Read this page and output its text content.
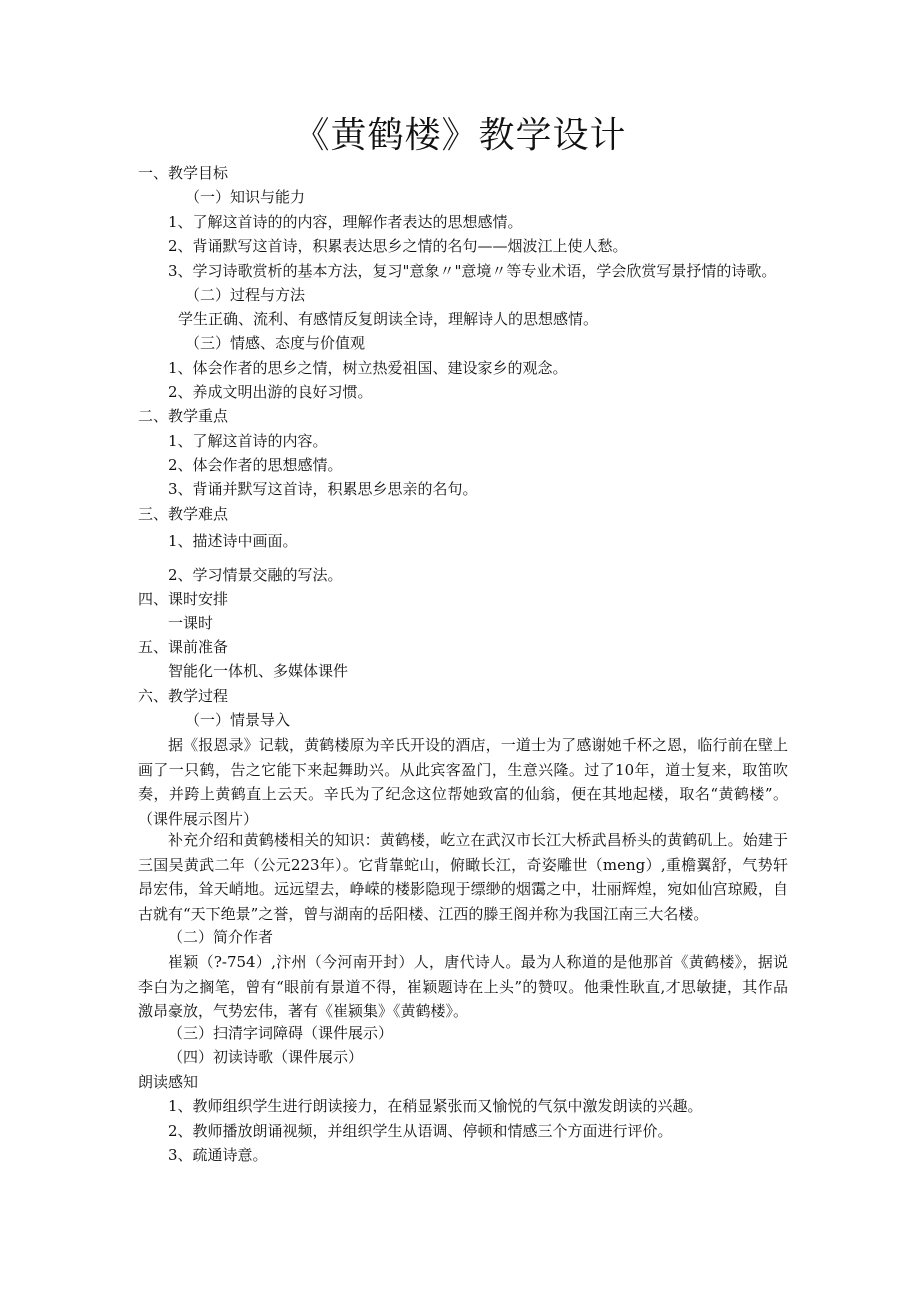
《黄鹤楼》教学设计
一、教学目标
（一）知识与能力
1、了解这首诗的的内容，理解作者表达的思想感情。
2、背诵默写这首诗，积累表达思乡之情的名句——烟波江上使人愁。
3、学习诗歌赏析的基本方法，复习"意象〃"意境〃等专业术语，学会欣赏写景抒情的诗歌。
（二）过程与方法
学生正确、流利、有感情反复朗读全诗，理解诗人的思想感情。
（三）情感、态度与价值观
1、体会作者的思乡之情，树立热爱祖国、建设家乡的观念。
2、养成文明出游的良好习惯。
二、教学重点
1、了解这首诗的内容。
2、体会作者的思想感情。
3、背诵并默写这首诗，积累思乡思亲的名句。
三、教学难点
1、描述诗中画面。
2、学习情景交融的写法。
四、课时安排
一课时
五、课前准备
智能化一体机、多媒体课件
六、教学过程
（一）情景导入

据《报恩录》记载，黄鹤楼原为辛氏开设的酒店，一道士为了感谢她千杯之恩，临行前在壁上画了一只鹤，告之它能下来起舞助兴。从此宾客盈门，生意兴隆。过了10年，道士复来，取笛吹奏，并跨上黄鹤直上云天。辛氏为了纪念这位帮她致富的仙翁，便在其地起楼，取名“黄鹤楼”。（课件展示图片）

补充介绍和黄鹤楼相关的知识：黄鹤楼，屹立在武汉市长江大桥武昌桥头的黄鹤矶上。始建于三国吴黄武二年（公元223年）。它背靠蛇山，俯瞰长江，奇姿雕世（meng）,重檐翼舒，气势轩昂宏伟，耸天峭地。远远望去，峥嵘的楼影隐现于缥缈的烟霭之中，壮丽辉煌，宛如仙宫琼殿，自古就有“天下绝景”之誉，曾与湖南的岳阳楼、江西的滕王阁并称为我国江南三大名楼。

（二）简介作者

崔颖（?-754）,汴州（今河南开封）人，唐代诗人。最为人称道的是他那首《黄鹤楼》，据说李白为之搁笔，曾有“眼前有景道不得，崔颖题诗在上头”的赞叹。他秉性耿直,才思敏捷，其作品激昂豪放，气势宏伟，著有《崔颍集》《黄鹤楼》。

（三）扫清字词障碍（课件展示）
（四）初读诗歌（课件展示）
朗读感知
1、教师组织学生进行朗读接力，在稍显紧张而又愉悦的气氛中激发朗读的兴趣。
2、教师播放朗诵视频，并组织学生从语调、停顿和情感三个方面进行评价。
3、疏通诗意。
